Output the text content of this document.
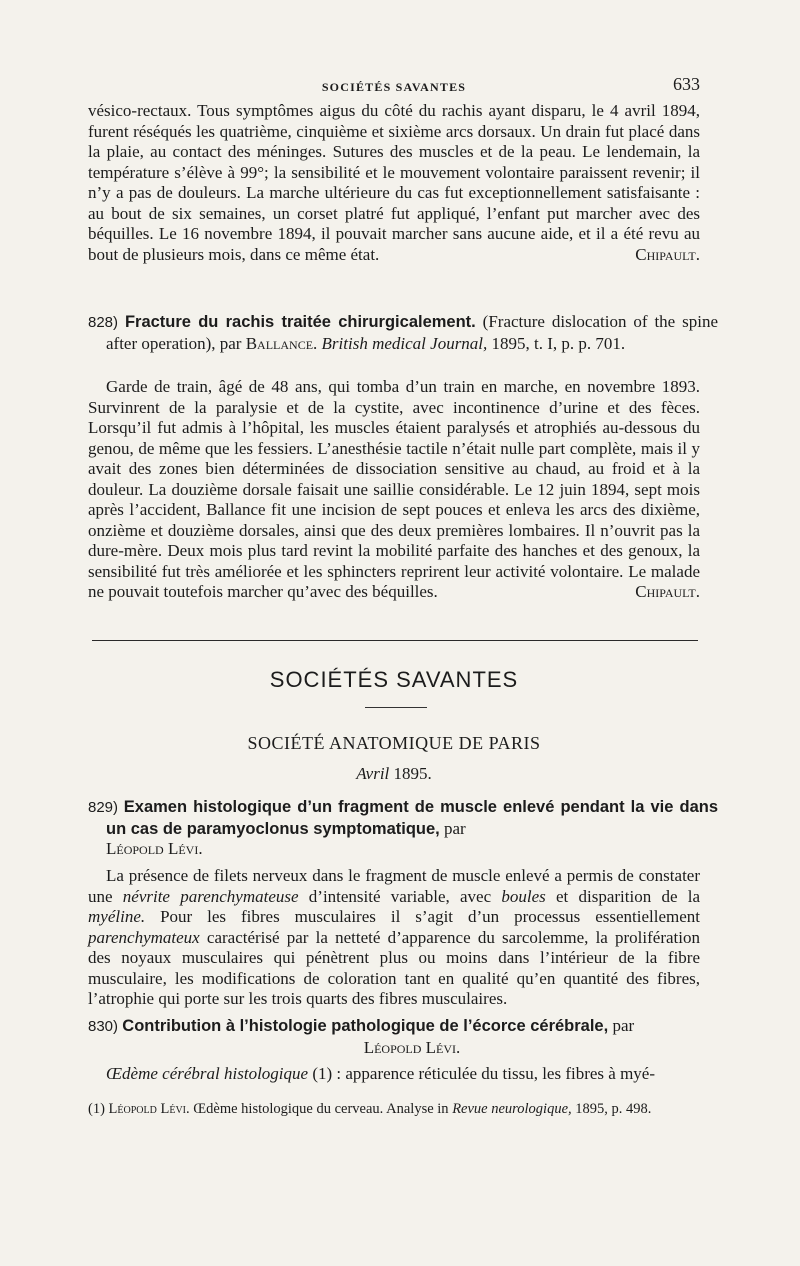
SOCIÉTÉS SAVANTES	633

vésico-rectaux. Tous symptômes aigus du côté du rachis ayant disparu, le 4 avril 1894, furent réséqués les quatrième, cinquième et sixième arcs dorsaux. Un drain fut placé dans la plaie, au contact des méninges. Sutures des muscles et de la peau. Le lendemain, la température s’élève à 99°; la sensibilité et le mouvement volontaire paraissent revenir; il n’y a pas de douleurs. La marche ultérieure du cas fut exceptionnellement satisfaisante : au bout de six semaines, un corset platré fut appliqué, l’enfant put marcher avec des béquilles. Le 16 novembre 1894, il pouvait marcher sans aucune aide, et il a été revu au bout de plusieurs mois, dans ce même état.	Chipault.

828) Fracture du rachis traitée chirurgicalement. (Fracture dislocation of the spine after operation), par Ballance. British medical Journal, 1895, t. I, p. p. 701.

Garde de train, âgé de 48 ans, qui tomba d’un train en marche, en novembre 1893. Survinrent de la paralysie et de la cystite, avec incontinence d’urine et des fèces. Lorsqu’il fut admis à l’hôpital, les muscles étaient paralysés et atrophiés au-dessous du genou, de même que les fessiers. L’anesthésie tactile n’était nulle part complète, mais il y avait des zones bien déterminées de dissociation sensitive au chaud, au froid et à la douleur. La douzième dorsale faisait une saillie considérable. Le 12 juin 1894, sept mois après l’accident, Ballance fit une incision de sept pouces et enleva les arcs des dixième, onzième et douzième dorsales, ainsi que des deux premières lombaires. Il n’ouvrit pas la dure-mère. Deux mois plus tard revint la mobilité parfaite des hanches et des genoux, la sensibilité fut très améliorée et les sphincters reprirent leur activité volontaire. Le malade ne pouvait toutefois marcher qu’avec des béquilles.	Chipault.

SOCIÉTÉS SAVANTES
SOCIÉTÉ ANATOMIQUE DE PARIS
Avril 1895.

829) Examen histologique d’un fragment de muscle enlevé pendant la vie dans un cas de paramyoclonus symptomatique, par
Léopold Lévi.

La présence de filets nerveux dans le fragment de muscle enlevé a permis de constater une névrite parenchymateuse d’intensité variable, avec boules et disparition de la myéline. Pour les fibres musculaires il s’agit d’un processus essentiellement parenchymateux caractérisé par la netteté d’apparence du sarcolemme, la prolifération des noyaux musculaires qui pénètrent plus ou moins dans l’intérieur de la fibre musculaire, les modifications de coloration tant en qualité qu’en quantité des fibres, l’atrophie qui porte sur les trois quarts des fibres musculaires.

830) Contribution à l’histologie pathologique de l’écorce cérébrale, par
Léopold Lévi.

Œdème cérébral histologique (1) : apparence réticulée du tissu, les fibres à myé-

(1) Léopold Lévi. Œdème histologique du cerveau. Analyse in Revue neurologique, 1895, p. 498.
